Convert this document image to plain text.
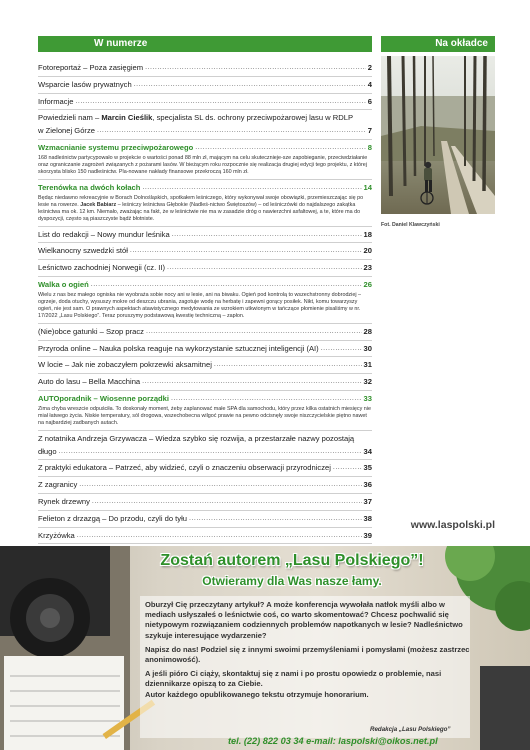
W numerze	Na okładce
Fotoreportaż – Poza zasięgiem .....	2
Wsparcie lasów prywatnych .....	4
Informacje .....	6
Powiedzieli nam – Marcin Cieślik, specjalista SL ds. ochrony przeciwpożarowej lasu w RDLP
w Zielonej Górze .....	7
Wzmacnianie systemu przeciwpożarowego .....	8
168 nadleśnictw partycypowało w projekcie o wartości ponad 88 mln zł, mającym na celu skutecznieje-sze zapobieganie, przeciwdziałanie oraz ograniczanie zagrożeń związanych z pożarami lasów. W bieżącym roku rozpocznie się realizacja drugiej edycji tego projektu, z której skorzysta blisko 150 nadleśnictw. Pla-nowane nakłady finansowe przekroczą 160 mln zł.
Terenówka na dwóch kołach .....	14
Będąc niedawno rekreacyjnie w Borach Dolnośląskich, spotkałem leśniczego, który wykonywał swoje obowiązki, przemieszczając się po lesie na rowerze. Jacek Babiarz – leśniczy leśnictwa Głębokie (Nadleś-nictwo Świętoszów) – od leśniczówki do najdalszego zakątka leśnictwa ma ok. 12 km. Niemało, zważając na fakt, że w leśnictwie nie ma w zasadzie dróg o nawierzchni asfaltowej, a te, które ma do dyspozycji, często są piaszczyste bądź błotniste.
List do redakcji – Nowy mundur leśnika .....	18
Wielkanocny szwedzki stół .....	20
Leśnictwo zachodniej Norwegii (cz. II) .....	23
Walka o ogień .....	26
Wielu z nas bez małego ogniska nie wyobraża sobie nocy ani w lesie, ani na biwaku. Ogień pod kontrolą to wszechstronny dobrodziej – ogrzeje, doda otuchy, wysuszy mokre od deszczu ubrania, zagotuje wodę na herbatę i zapewni gorący posiłek. Nikt, komu towarzyszy ogień, nie jest sam. O prawnych aspektach atawistycznego medytowania ze wzrokiem utkwionym w tańczące płomienie pisaliśmy w nr. 17/2022 „Lasu Polskiego”. Teraz poruszymy podstawową kwestię techniczną – zapłon.
(Nie)obce gatunki – Szop pracz .....	28
Przyroda online – Nauka polska reaguje na wykorzystanie sztucznej inteligencji (AI) .....	30
W locie – Jak nie zobaczyłem pokrzewki aksamitnej .....	31
Auto do lasu – Bella Macchina .....	32
AUTOporadnik – Wiosenne porządki .....	33
Zima chyba wreszcie odpuściła. To doskonały moment, żeby zaplanować małe SPA dla samochodu, który przez kilka ostatnich miesięcy nie miał łatwego życia. Niskie temperatury, sól drogowa, wszechobecna wilgoć prawie na pewno odcisnęły swoje niszczycielskie piętno nawet na najbardziej zadbanych autach.
Z notatnika Andrzeja Grzywacza – Wiedza szybko się rozwija, a przestarzałe nazwy pozostają
długo .....	34
Z praktyki edukatora – Patrzeć, aby widzieć, czyli o znaczeniu obserwacji przyrodniczej .....	35
Z zagranicy .....	36
Rynek drzewny .....	37
Felieton z drzazgą – Do przodu, czyli do tyłu .....	38
Krzyżówka .....	39
Fot. Daniel Klawczyński
www.laspolski.pl
Zostań autorem „Lasu Polskiego”!
Otwieramy dla Was nasze łamy.

Oburzył Cię przeczytany artykuł? A może konferencja wywołała natłok myśli albo w mediach usłyszałeś o leśnictwie coś, co warto skomentować? Chcesz pochwalić się nietypowym rozwiązaniem codziennych problemów napotkanych w lesie? Nadleśnictwo szykuje interesujące wydarzenie?

Napisz do nas! Podziel się z innymi swoimi przemyśleniami i pomysłami (możesz zastrzec anonimowość).

A jeśli pióro Ci ciąży, skontaktuj się z nami i po prostu opowiedz o problemie, nasi dziennikarze opiszą to za Ciebie.

Autor każdego opublikowanego tekstu otrzymuje honorarium.

Redakcja „Lasu Polskiego”
tel. (22) 822 03 34 e-mail: laspolski@oikos.net.pl
